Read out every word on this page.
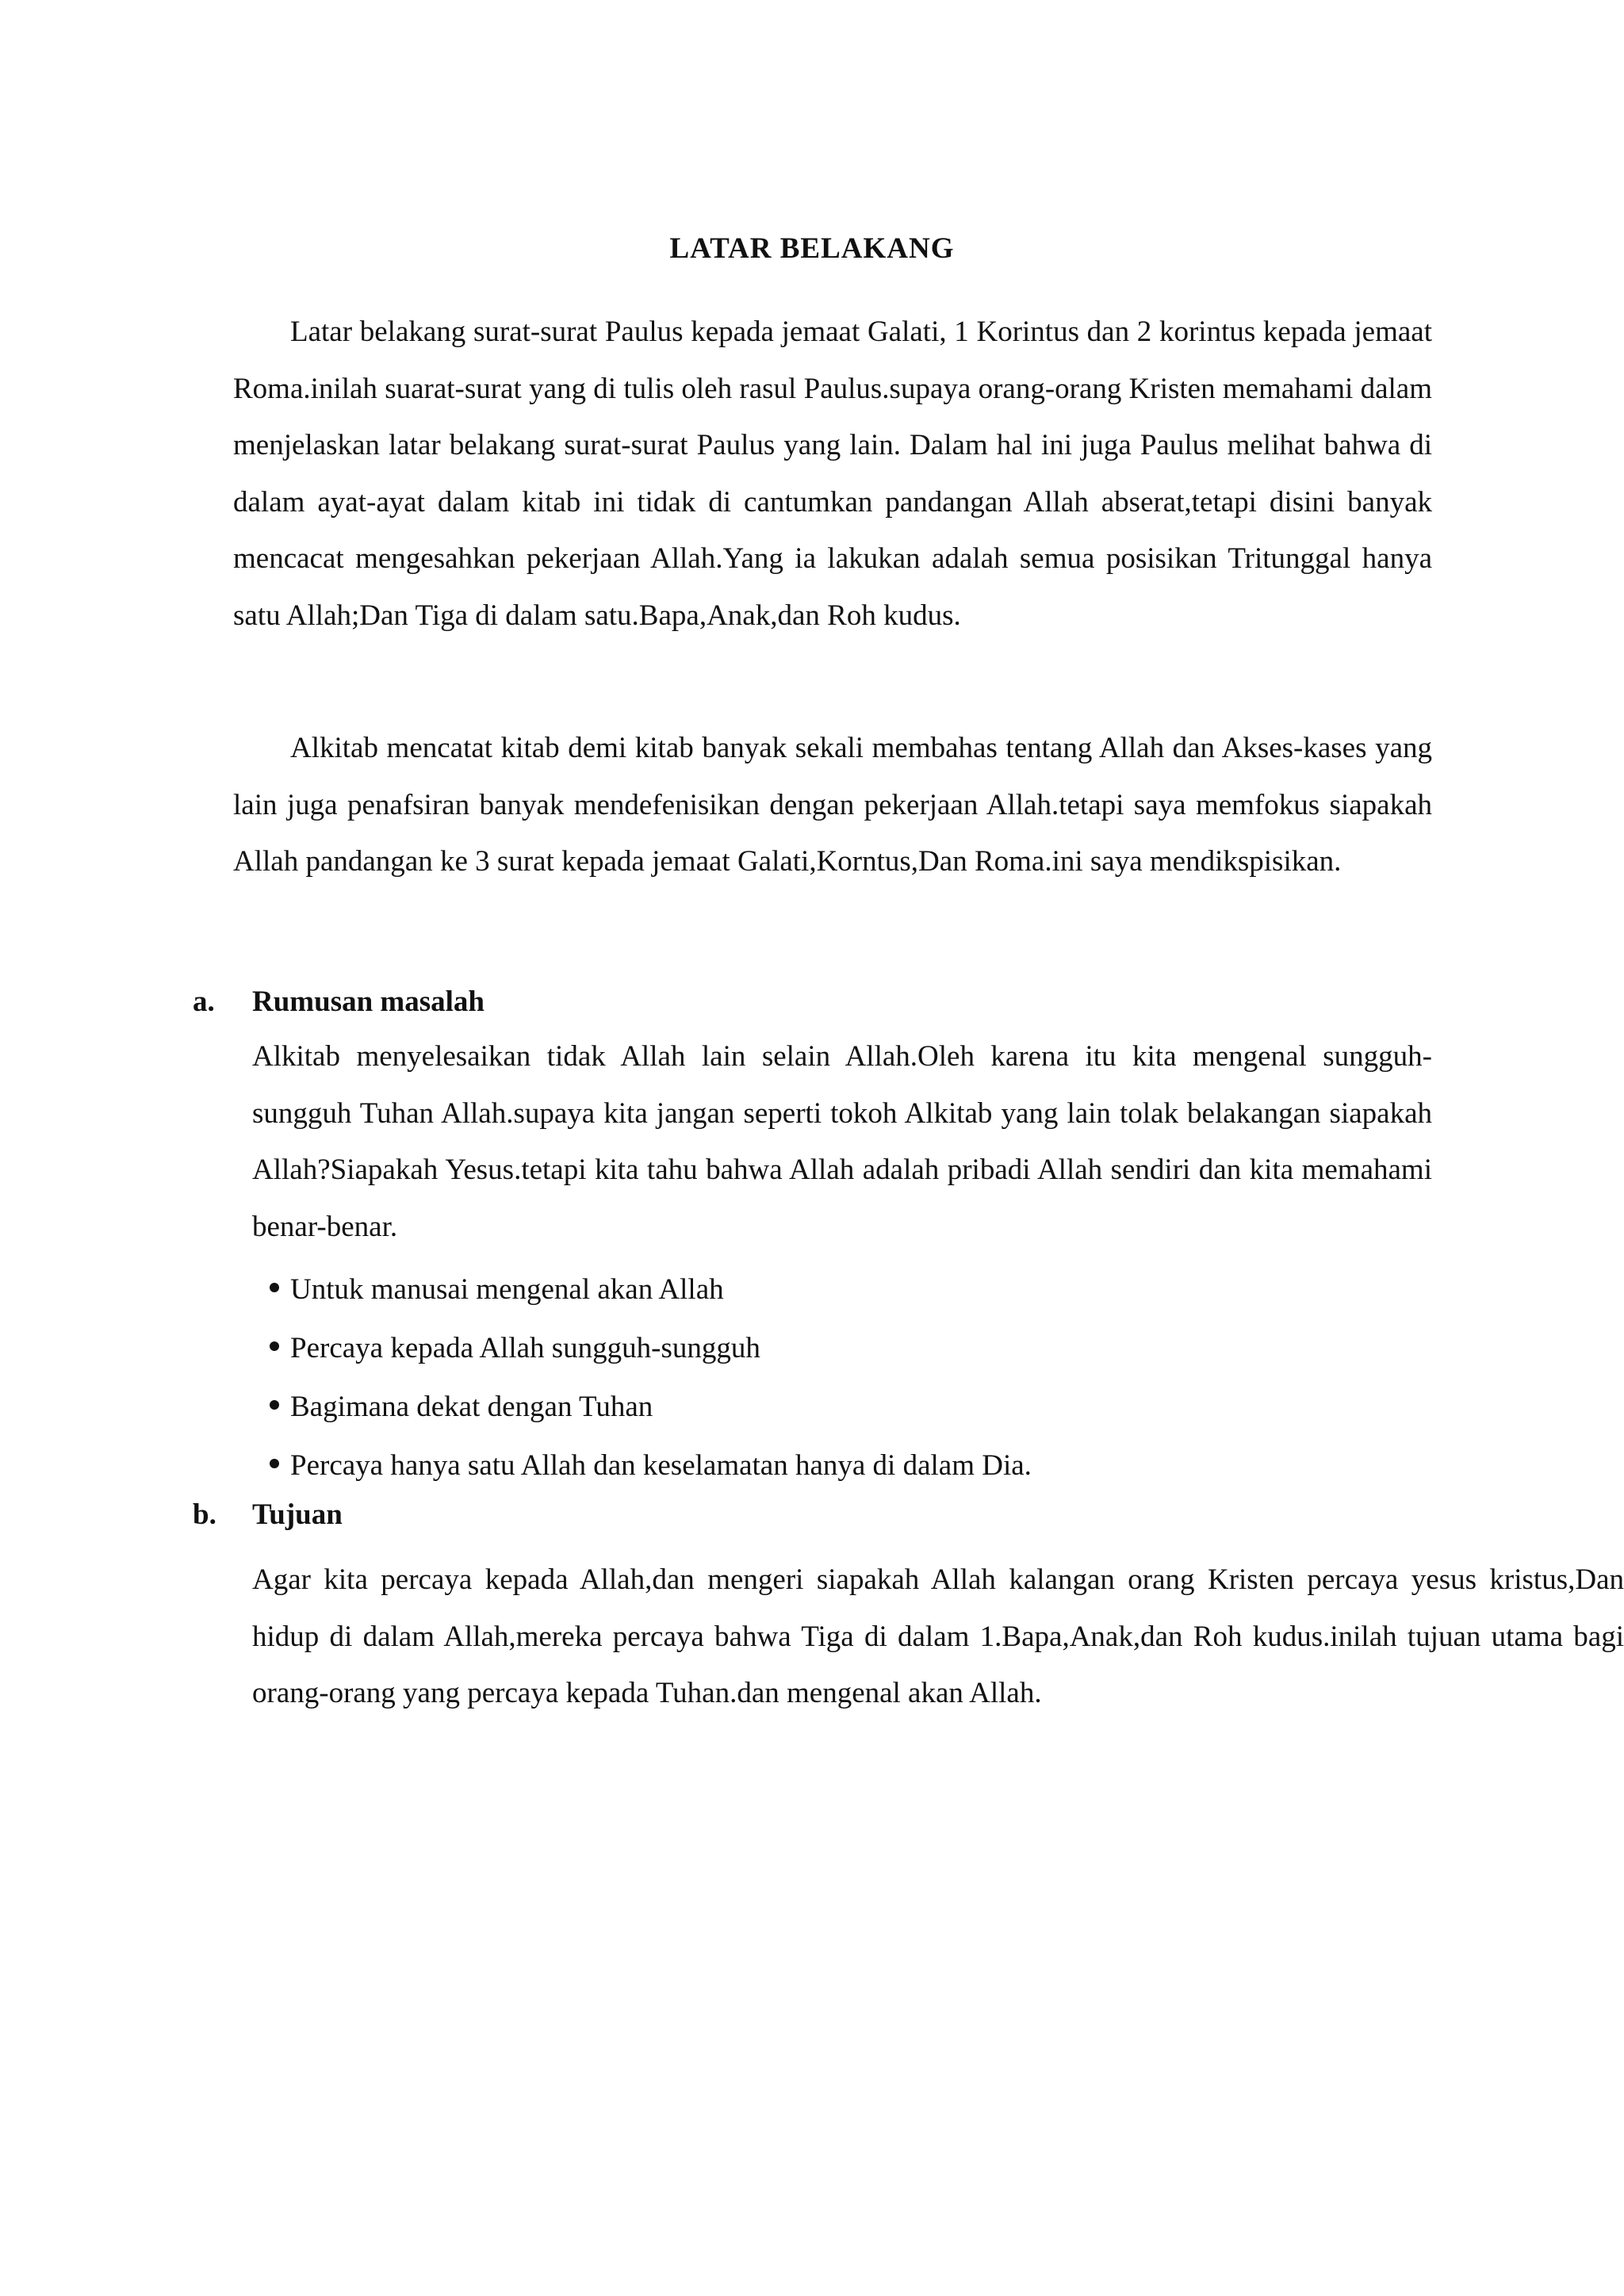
LATAR BELAKANG
Latar belakang surat-surat Paulus kepada jemaat Galati, 1 Korintus dan 2 korintus kepada jemaat Roma.inilah suarat-surat yang di tulis oleh rasul Paulus.supaya orang-orang Kristen memahami dalam menjelaskan latar belakang surat-surat Paulus yang lain. Dalam hal ini juga Paulus melihat bahwa di dalam ayat-ayat dalam kitab ini tidak di cantumkan pandangan Allah abserat,tetapi disini banyak mencacat mengesahkan pekerjaan Allah.Yang ia lakukan adalah semua posisikan Tritunggal hanya satu Allah;Dan Tiga di dalam satu.Bapa,Anak,dan Roh kudus.
Alkitab mencatat kitab demi kitab banyak sekali membahas tentang Allah dan Akses-kases yang lain juga penafsiran banyak mendefenisikan dengan pekerjaan Allah.tetapi saya memfokus siapakah Allah pandangan ke 3 surat kepada jemaat Galati,Korntus,Dan Roma.ini saya mendikspisikan.
a. Rumusan masalah
Alkitab menyelesaikan tidak Allah lain selain Allah.Oleh karena itu kita mengenal sungguh-sungguh Tuhan Allah.supaya kita jangan seperti tokoh Alkitab yang lain tolak belakangan siapakah Allah?Siapakah Yesus.tetapi kita tahu bahwa Allah adalah pribadi Allah sendiri dan kita memahami benar-benar.
Untuk manusai mengenal akan Allah
Percaya kepada Allah sungguh-sungguh
Bagimana dekat dengan Tuhan
Percaya hanya satu Allah dan keselamatan hanya di dalam Dia.
b. Tujuan
Agar kita percaya kepada Allah,dan mengeri siapakah Allah kalangan orang Kristen percaya yesus kristus,Dan hidup di dalam Allah,mereka percaya bahwa Tiga di dalam 1.Bapa,Anak,dan Roh kudus.inilah tujuan utama bagi orang-orang yang percaya kepada Tuhan.dan mengenal akan Allah.
